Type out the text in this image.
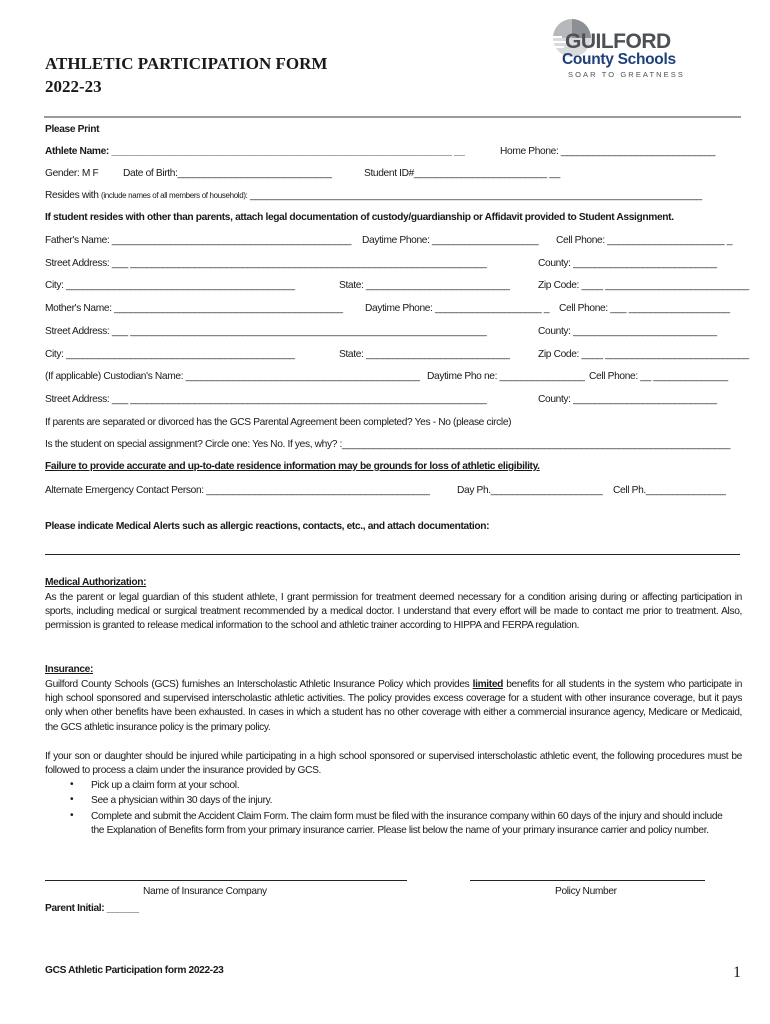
ATHLETIC PARTICIPATION FORM
2022-23
GUILFORD
County Schools
SOAR TO GREATNESS
Please Print
Athlete Name: ________________________________________________________________ __	Home Phone: _____________________________
Gender: M F Date of Birth:_____________________________	Student ID#_________________________ __
Resides with (include names of all members of household): _____________________________________________________________________________________
If student resides with other than parents, attach legal documentation of custody/guardianship or Affidavit provided to Student Assignment.
Father's Name: _____________________________________________ Daytime Phone: ____________________ Cell Phone: ______________________ _
Street Address: ___ ___________________________________________________________________	County: ___________________________
City: ___________________________________________	State: ___________________________	Zip Code: ____ ___________________________
Mother's Name: ___________________________________________ Daytime Phone: ____________________ _ Cell Phone: ___ ___________________
Street Address: ___ ___________________________________________________________________	County: ___________________________
City: ___________________________________________	State: ___________________________	Zip Code: ____ ___________________________
(If applicable) Custodian's Name: ____________________________________________ Daytime Pho ne: ________________ Cell Phone: __ ______________
Street Address: ___ ___________________________________________________________________	County: ___________________________
If parents are separated or divorced has the GCS Parental Agreement been completed? Yes - No (please circle)
Is the student on special assignment? Circle one: Yes No. If yes, why? :_________________________________________________________________________
Failure to provide accurate and up-to-date residence information may be grounds for loss of athletic eligibility.
Alternate Emergency Contact Person: __________________________________________	Day Ph._____________________ Cell Ph._______________
Please indicate Medical Alerts such as allergic reactions, contacts, etc., and attach documentation:
Medical Authorization:
As the parent or legal guardian of this student athlete, I grant permission for treatment deemed necessary for a condition arising during or affecting participation in sports, including medical or surgical treatment recommended by a medical doctor. I understand that every effort will be made to contact me prior to treatment. Also, permission is granted to release medical information to the school and athletic trainer according to HIPPA and FERPA regulation.
Insurance:
Guilford County Schools (GCS) furnishes an Interscholastic Athletic Insurance Policy which provides limited benefits for all students in the system who participate in high school sponsored and supervised interscholastic athletic activities. The policy provides excess coverage for a student with other insurance coverage, but it pays only when other benefits have been exhausted. In cases in which a student has no other coverage with either a commercial insurance agency, Medicare or Medicaid, the GCS athletic insurance policy is the primary policy.
If your son or daughter should be injured while participating in a high school sponsored or supervised interscholastic athletic event, the following procedures must be followed to process a claim under the insurance provided by GCS.
• Pick up a claim form at your school.
• See a physician within 30 days of the injury.
• Complete and submit the Accident Claim Form. The claim form must be filed with the insurance company within 60 days of the injury and should include the Explanation of Benefits form from your primary insurance carrier. Please list below the name of your primary insurance carrier and policy number.
Name of Insurance Company	Policy Number
Parent Initial: ______
GCS Athletic Participation form 2022-23	1
